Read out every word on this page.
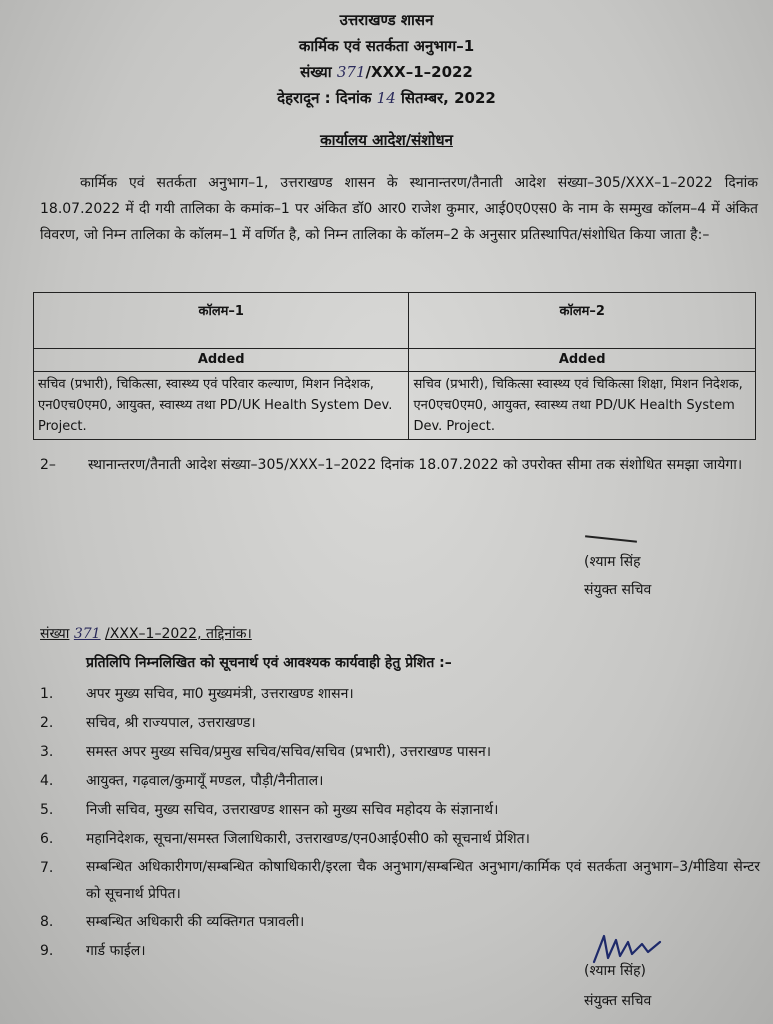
उत्तराखण्ड शासन
कार्मिक एवं सतर्कता अनुभाग–1
संख्या 371/XXX–1–2022
देहरादून : दिनांक 14 सितम्बर, 2022
कार्यालय आदेश/संशोधन
कार्मिक एवं सतर्कता अनुभाग–1, उत्तराखण्ड शासन के स्थानान्तरण/तैनाती आदेश संख्या–305/XXX–1–2022 दिनांक 18.07.2022 में दी गयी तालिका के कमांक–1 पर अंकित डॉ0 आर0 राजेश कुमार, आई0ए0एस0 के नाम के सम्मुख कॉलम–4 में अंकित विवरण, जो निम्न तालिका के कॉलम–1 में वर्णित है, को निम्न तालिका के कॉलम–2 के अनुसार प्रतिस्थापित/संशोधित किया जाता है:–
कॉलम–1	कॉलम–2
Added	Added
सचिव (प्रभारी), चिकित्सा, स्वास्थ्य एवं परिवार कल्याण, मिशन निदेशक, एन0एच0एम0, आयुक्त, स्वास्थ्य तथा PD/UK Health System Dev. Project.	सचिव (प्रभारी), चिकित्सा स्वास्थ्य एवं चिकित्सा शिक्षा, मिशन निदेशक, एन0एच0एम0, आयुक्त, स्वास्थ्य तथा PD/UK Health System Dev. Project.
2– स्थानान्तरण/तैनाती आदेश संख्या–305/XXX–1–2022 दिनांक 18.07.2022 को उपरोक्त सीमा तक संशोधित समझा जायेगा।
(श्याम सिंह
संयुक्त सचिव
संख्या 371 /XXX–1–2022, तद्दिनांक।
प्रतिलिपि निम्नलिखित को सूचनार्थ एवं आवश्यक कार्यवाही हेतु प्रेशित :–
1.	अपर मुख्य सचिव, मा0 मुख्यमंत्री, उत्तराखण्ड शासन।
2.	सचिव, श्री राज्यपाल, उत्तराखण्ड।
3.	समस्त अपर मुख्य सचिव/प्रमुख सचिव/सचिव/सचिव (प्रभारी), उत्तराखण्ड पासन।
4.	आयुक्त, गढ़वाल/कुमायूँ मण्डल, पौड़ी/नैनीताल।
5.	निजी सचिव, मुख्य सचिव, उत्तराखण्ड शासन को मुख्य सचिव महोदय के संज्ञानार्थ।
6.	महानिदेशक, सूचना/समस्त जिलाधिकारी, उत्तराखण्ड/एन0आई0सी0 को सूचनार्थ प्रेशित।
7.	सम्बन्धित अधिकारीगण/सम्बन्धित कोषाधिकारी/इरला चैक अनुभाग/सम्बन्धित अनुभाग/कार्मिक एवं सतर्कता अनुभाग–3/मीडिया सेन्टर को सूचनार्थ प्रेपित।
8.	सम्बन्धित अधिकारी की व्यक्तिगत पत्रावली।
9.	गार्ड फाईल।
(श्याम सिंह)
संयुक्त सचिव
